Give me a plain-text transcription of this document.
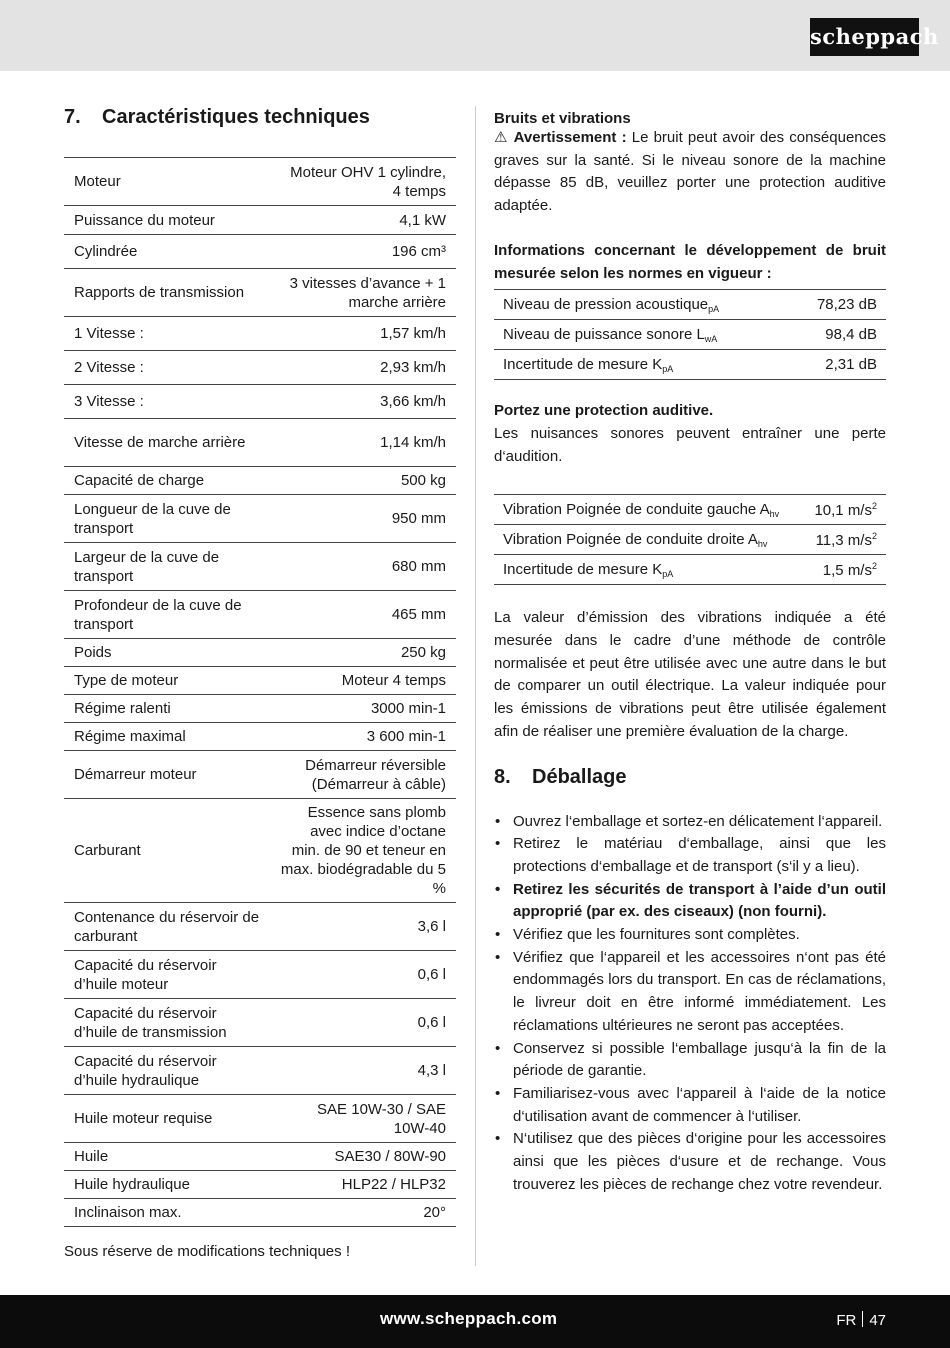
scheppach
7.	Caractéristiques techniques
Moteur	Moteur OHV 1 cylindre, 4 temps
Puissance du moteur	4,1 kW
Cylindrée	196 cm³
Rapports de transmission	3 vitesses d’avance + 1 marche arrière
1 Vitesse :	1,57 km/h
2 Vitesse :	2,93 km/h
3 Vitesse :	3,66 km/h
Vitesse de marche arrière	1,14 km/h
Capacité de charge	500 kg
Longueur de la cuve de transport	950 mm
Largeur de la cuve de transport	680 mm
Profondeur de la cuve de transport	465 mm
Poids	250 kg
Type de moteur	Moteur 4 temps
Régime ralenti	3000 min-1
Régime maximal	3 600 min-1
Démarreur moteur	Démarreur réversible (Démarreur à câble)
Carburant	Essence sans plomb avec indice d’octane min. de 90 et teneur en max. biodégradable du 5 %
Contenance du réservoir de carburant	3,6 l
Capacité du réservoir d’huile moteur	0,6 l
Capacité du réservoir d’huile de transmission	0,6 l
Capacité du réservoir d’huile hydraulique	4,3 l
Huile moteur requise	SAE 10W-30 / SAE 10W-40
Huile	SAE30 / 80W-90
Huile hydraulique	HLP22 / HLP32
Inclinaison max.	20°
Sous réserve de modifications techniques !
Bruits et vibrations

⚠ Avertissement : Le bruit peut avoir des conséquences graves sur la santé. Si le niveau sonore de la machine dépasse 85 dB, veuillez porter une protection auditive adaptée.

Informations concernant le développement de bruit mesurée selon les normes en vigueur :

Niveau de pression acoustique$_{pA}$	78,23 dB
Niveau de puissance sonore $L_{wA}$	98,4 dB
Incertitude de mesure $K_{pA}$	2,31 dB

Portez une protection auditive.

Les nuisances sonores peuvent entraîner une perte d‘audition.

Vibration Poignée de conduite gauche $A_{hv}$	10,1 $m/s^2$
Vibration Poignée de conduite droite $A_{hv}$	11,3 $m/s^2$
Incertitude de mesure $K_{pA}$	1,5 $m/s^2$

La valeur d’émission des vibrations indiquée a été mesurée dans le cadre d’une méthode de contrôle normalisée et peut être utilisée avec une autre dans le but de comparer un outil électrique. La valeur indiquée pour les émissions de vibrations peut être utilisée également afin de réaliser une première évaluation de la charge.

8.	Déballage
• Ouvrez l‘emballage et sortez-en délicatement l‘appareil.
• Retirez le matériau d‘emballage, ainsi que les protections d‘emballage et de transport (s‘il y a lieu).
• Retirez les sécurités de transport à l’aide d’un outil approprié (par ex. des ciseaux) (non fourni).
• Vérifiez que les fournitures sont complètes.
• Vérifiez que l‘appareil et les accessoires n‘ont pas été endommagés lors du transport. En cas de réclamations, le livreur doit en être informé immédiatement. Les réclamations ultérieures ne seront pas acceptées.
• Conservez si possible l‘emballage jusqu‘à la fin de la période de garantie.
• Familiarisez-vous avec l‘appareil à l‘aide de la notice d‘utilisation avant de commencer à l‘utiliser.
• N‘utilisez que des pièces d‘origine pour les accessoires ainsi que les pièces d‘usure et de rechange. Vous trouverez les pièces de rechange chez votre revendeur.
www.scheppach.com	FR 47
